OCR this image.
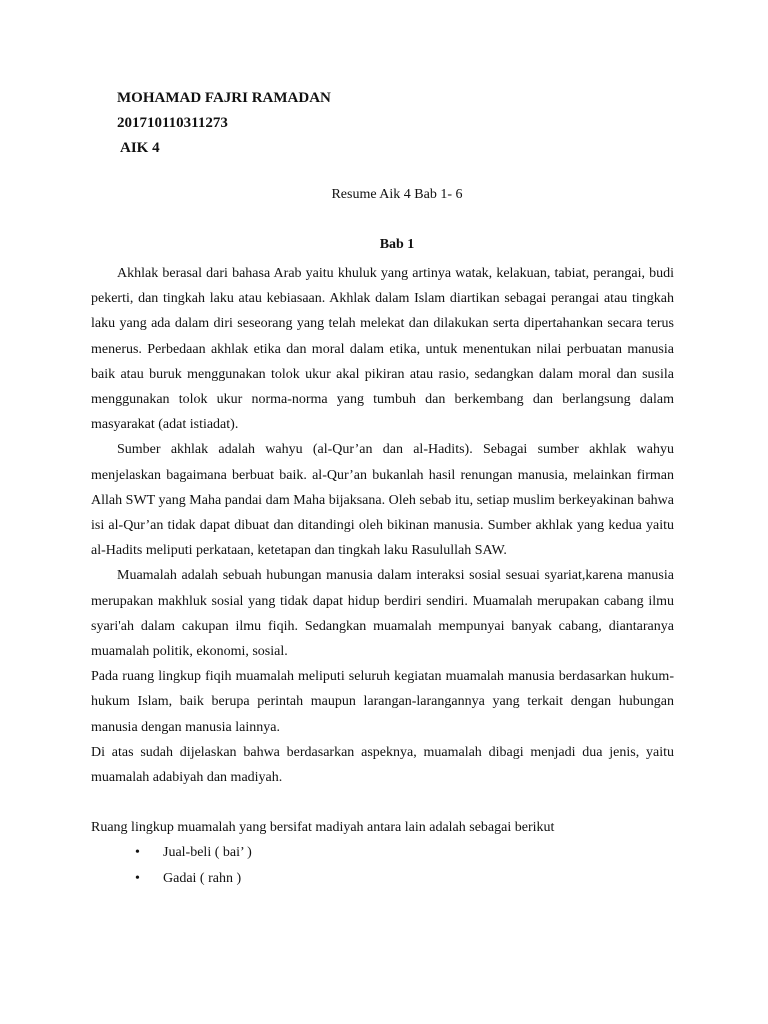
MOHAMAD FAJRI RAMADAN
201710110311273
AIK 4
Resume Aik 4 Bab 1- 6
Bab 1

Akhlak berasal dari bahasa Arab yaitu khuluk yang artinya watak, kelakuan, tabiat, perangai, budi pekerti, dan tingkah laku atau kebiasaan. Akhlak dalam Islam diartikan sebagai perangai atau tingkah laku yang ada dalam diri seseorang yang telah melekat dan dilakukan serta dipertahankan secara terus menerus. Perbedaan akhlak etika dan moral dalam etika, untuk menentukan nilai perbuatan manusia baik atau buruk menggunakan tolok ukur akal pikiran atau rasio, sedangkan dalam moral dan susila menggunakan tolok ukur norma-norma yang tumbuh dan berkembang dan berlangsung dalam masyarakat (adat istiadat).

Sumber akhlak adalah wahyu (al-Qur’an dan al-Hadits). Sebagai sumber akhlak wahyu menjelaskan bagaimana berbuat baik. al-Qur’an bukanlah hasil renungan manusia, melainkan firman Allah SWT yang Maha pandai dam Maha bijaksana. Oleh sebab itu, setiap muslim berkeyakinan bahwa isi al-Qur’an tidak dapat dibuat dan ditandingi oleh bikinan manusia. Sumber akhlak yang kedua yaitu al-Hadits meliputi perkataan, ketetapan dan tingkah laku Rasulullah SAW.

Muamalah adalah sebuah hubungan manusia dalam interaksi sosial sesuai syariat,karena manusia merupakan makhluk sosial yang tidak dapat hidup berdiri sendiri. Muamalah merupakan cabang ilmu syari'ah dalam cakupan ilmu fiqih. Sedangkan muamalah mempunyai banyak cabang, diantaranya muamalah politik, ekonomi, sosial.

Pada ruang lingkup fiqih muamalah meliputi seluruh kegiatan muamalah manusia berdasarkan hukum-hukum Islam, baik berupa perintah maupun larangan-larangannya yang terkait dengan hubungan manusia dengan manusia lainnya.

Di atas sudah dijelaskan bahwa berdasarkan aspeknya, muamalah dibagi menjadi dua jenis, yaitu muamalah adabiyah dan madiyah.

Ruang lingkup muamalah yang bersifat madiyah antara lain adalah sebagai berikut

• Jual-beli ( bai’ )
• Gadai ( rahn )
